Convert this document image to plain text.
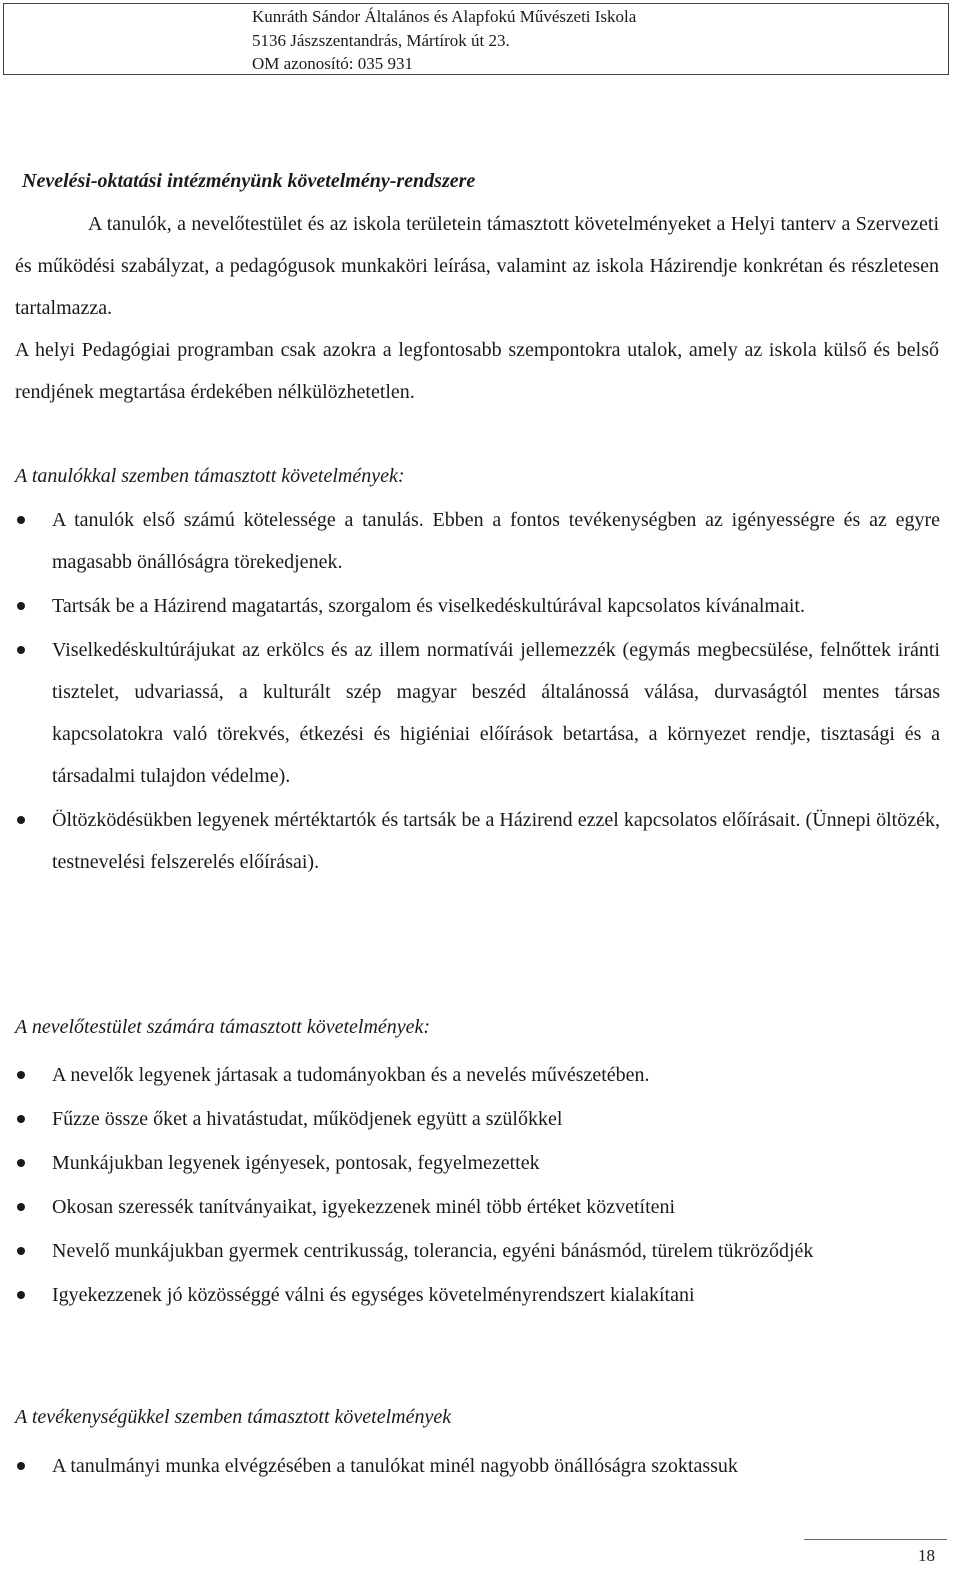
Kunráth Sándor Általános és Alapfokú Művészeti Iskola
5136 Jászszentandrás, Mártírok út 23.
OM azonosító: 035 931
Nevelési-oktatási intézményünk követelmény-rendszere
A tanulók, a nevelőtestület és az iskola területein támasztott követelményeket a Helyi tanterv a Szervezeti és működési szabályzat, a pedagógusok munkaköri leírása, valamint az iskola Házirendje konkrétan és részletesen tartalmazza.
A helyi Pedagógiai programban csak azokra a legfontosabb szempontokra utalok, amely az iskola külső és belső rendjének megtartása érdekében nélkülözhetetlen.
A tanulókkal szemben támasztott követelmények:
A tanulók első számú kötelessége a tanulás. Ebben a fontos tevékenységben az igényességre és az egyre magasabb önállóságra törekedjenek.
Tartsák be a Házirend magatartás, szorgalom és viselkedéskultúrával kapcsolatos kívánalmait.
Viselkedéskultúrájukat az erkölcs és az illem normatívái jellemezzék (egymás megbecsülése, felnőttek iránti tisztelet, udvariassá, a kulturált szép magyar beszéd általánossá válása, durvaságtól mentes társas kapcsolatokra való törekvés, étkezési és higiéniai előírások betartása, a környezet rendje, tisztasági és a társadalmi tulajdon védelme).
Öltözködésükben legyenek mértéktartók és tartsák be a Házirend ezzel kapcsolatos előírásait. (Ünnepi öltözék, testnevelési felszerelés előírásai).
A nevelőtestület számára támasztott követelmények:
A nevelők legyenek jártasak a tudományokban és a nevelés művészetében.
Fűzze össze őket a hivatástudat, működjenek együtt a szülőkkel
Munkájukban legyenek igényesek, pontosak, fegyelmezettek
Okosan szeressék tanítványaikat, igyekezzenek minél több értéket közvetíteni
Nevelő munkájukban gyermek centrikusság, tolerancia, egyéni bánásmód, türelem tükröződjék
Igyekezzenek jó közösséggé válni és egységes követelményrendszert kialakítani
A tevékenységükkel szemben támasztott követelmények
A tanulmányi munka elvégzésében a tanulókat minél nagyobb önállóságra szoktassuk
18
